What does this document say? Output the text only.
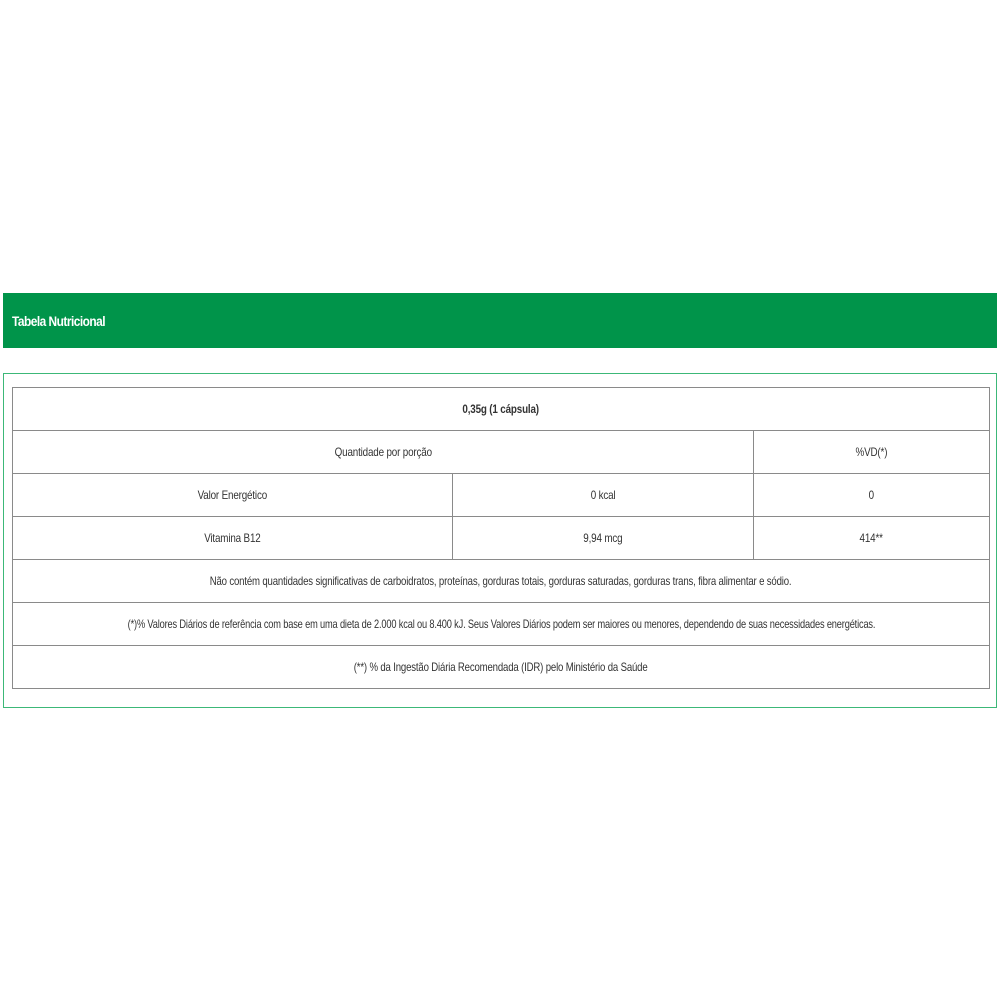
Tabela Nutricional
0,35g (1 cápsula)		
Quantidade por porção		%VD(*)
Valor Energético	0 kcal	0
Vitamina B12	9,94 mcg	414**
Não contém quantidades significativas de carboidratos, proteínas, gorduras totais, gorduras saturadas, gorduras trans, fibra alimentar e sódio.		
(*)% Valores Diários de referência com base em uma dieta de 2.000 kcal ou 8.400 kJ. Seus Valores Diários podem ser maiores ou menores, dependendo de suas necessidades energéticas.		
(**) % da Ingestão Diária Recomendada (IDR) pelo Ministério da Saúde		
